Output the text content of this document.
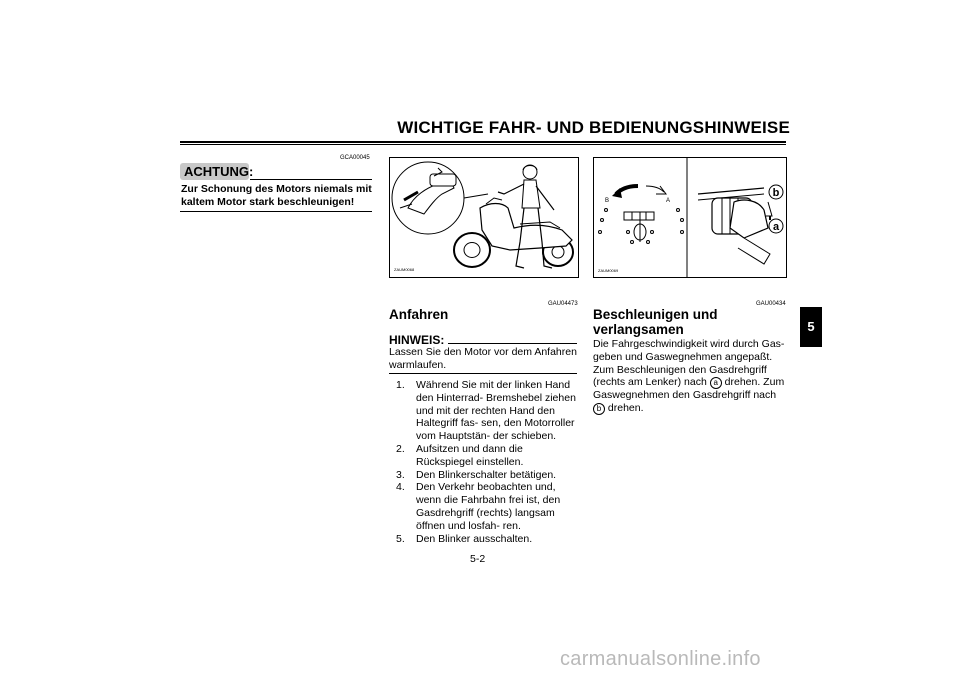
WICHTIGE FAHR- UND BEDIENUNGSHINWEISE
GCA00045
ACHTUNG:
Zur Schonung des Motors niemals mit kaltem Motor stark beschleunigen!
ZAUM0068
B	A
ZAUM0069
b
a
GAU04473
Anfahren
HINWEIS:
Lassen Sie den Motor vor dem Anfahren warmlaufen.
1. Während Sie mit der linken Hand den Hinterrad- Bremshebel ziehen und mit der rechten Hand den Haltegriff fas- sen, den Motorroller vom Hauptstän- der schieben.
2. Aufsitzen und dann die Rückspiegel einstellen.
3. Den Blinkerschalter betätigen.
4. Den Verkehr beobachten und, wenn die Fahrbahn frei ist, den Gasdrehgriff (rechts) langsam öffnen und losfah- ren.
5. Den Blinker ausschalten.
GAU00434
Beschleunigen und
verlangsamen
Die Fahrgeschwindigkeit wird durch Gas- geben und Gaswegnehmen angepaßt. Zum Beschleunigen den Gasdrehgriff (rechts am Lenker) nach a drehen. Zum Gaswegnehmen den Gasdrehgriff nach b drehen.
5
5-2
carmanualsonline.info
